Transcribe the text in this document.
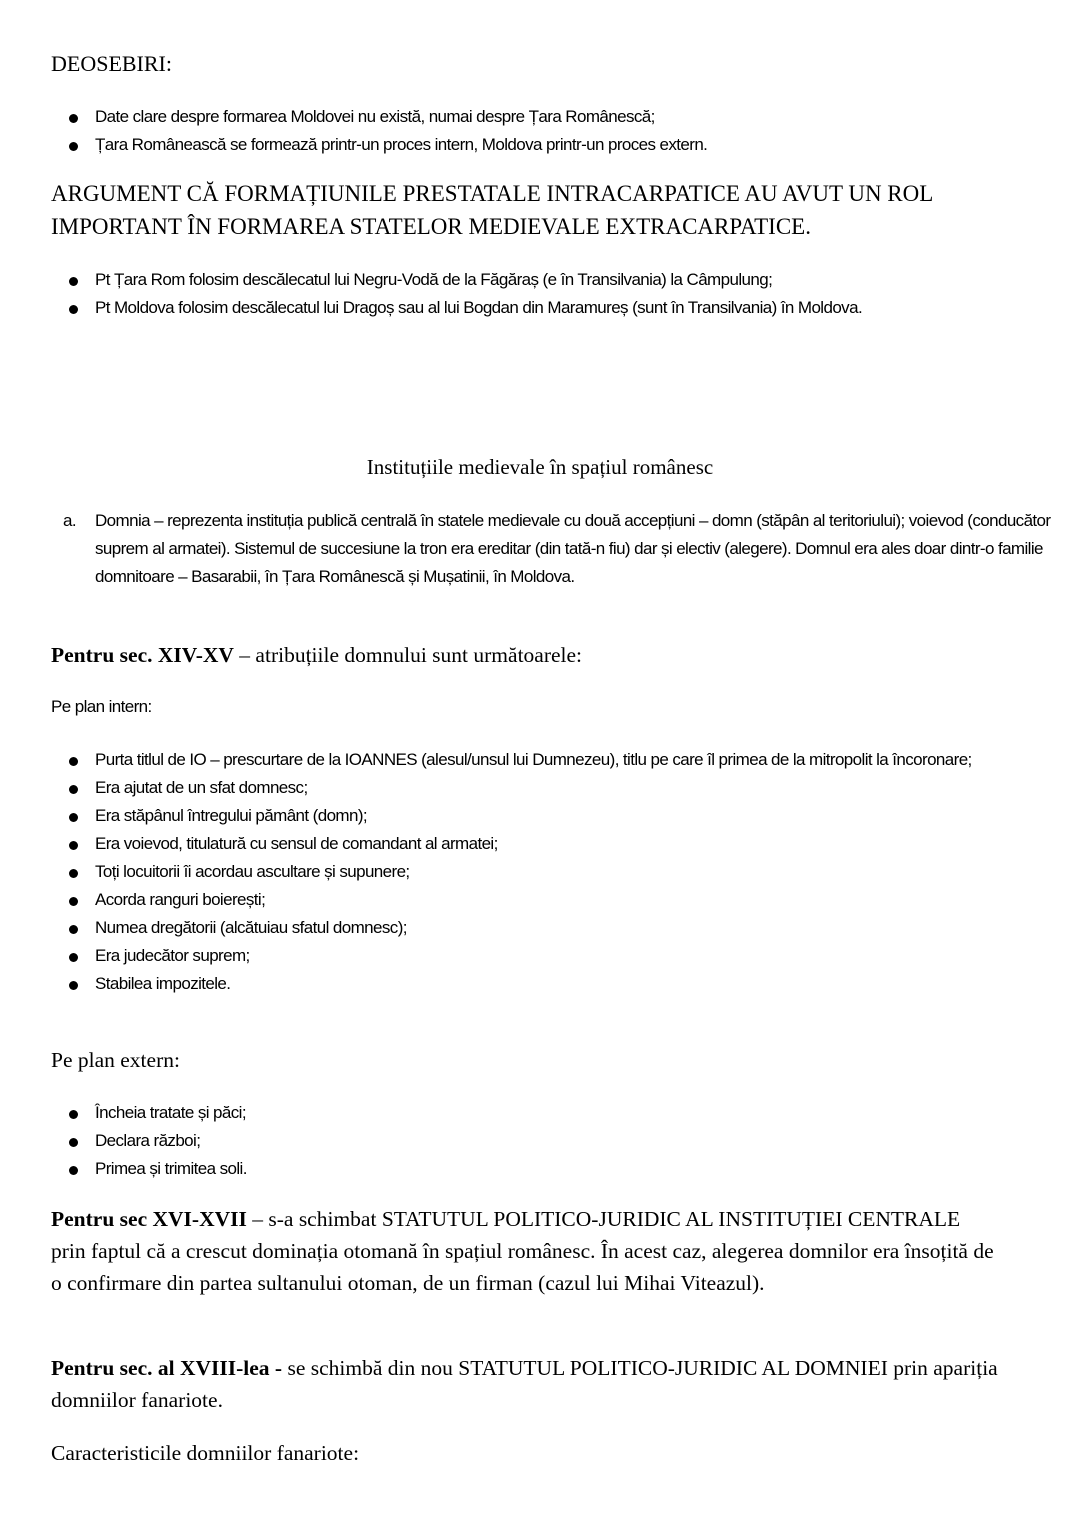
DEOSEBIRI:
Date clare despre formarea Moldovei nu există, numai despre Țara Românescă;
Țara Românească se formează printr-un proces intern, Moldova printr-un proces extern.
ARGUMENT CĂ FORMAȚIUNILE PRESTATALE INTRACARPATICE AU AVUT UN ROL
IMPORTANT ÎN FORMAREA STATELOR MEDIEVALE EXTRACARPATICE.
Pt Țara Rom folosim descălecatul lui Negru-Vodă de la Făgăraș (e în Transilvania) la Câmpulung;
Pt Moldova folosim descălecatul lui Dragoș sau al lui Bogdan din Maramureș (sunt în Transilvania) în Moldova.
Instituțiile medievale în spațiul românesc
a. Domnia – reprezenta instituția publică centrală în statele medievale cu două accepțiuni – domn (stăpân al teritoriului); voievod (conducător suprem al armatei). Sistemul de succesiune la tron era ereditar (din tată-n fiu) dar și electiv (alegere). Domnul era ales doar dintr-o familie domnitoare – Basarabii, în Țara Românescă și Mușatinii, în Moldova.
Pentru sec. XIV-XV – atribuțiile domnului sunt următoarele:
Pe plan intern:
Purta titlul de IO – prescurtare de la IOANNES (alesul/unsul lui Dumnezeu), titlu pe care îl primea de la mitropolit la încoronare;
Era ajutat de un sfat domnesc;
Era stăpânul întregului pământ (domn);
Era voievod, titulatură cu sensul de comandant al armatei;
Toți locuitorii îi acordau ascultare și supunere;
Acorda ranguri boierești;
Numea dregătorii (alcătuiau sfatul domnesc);
Era judecător suprem;
Stabilea impozitele.
Pe plan extern:
Încheia tratate și păci;
Declara război;
Primea și trimitea soli.
Pentru sec XVI-XVII – s-a schimbat STATUTUL POLITICO-JURIDIC AL INSTITUȚIEI CENTRALE prin faptul că a crescut dominația otomană în spațiul românesc. În acest caz, alegerea domnilor era însoțită de o confirmare din partea sultanului otoman, de un firman (cazul lui Mihai Viteazul).
Pentru sec. al XVIII-lea - se schimbă din nou STATUTUL POLITICO-JURIDIC AL DOMNIEI prin apariția domniilor fanariote.
Caracteristicile domniilor fanariote:
